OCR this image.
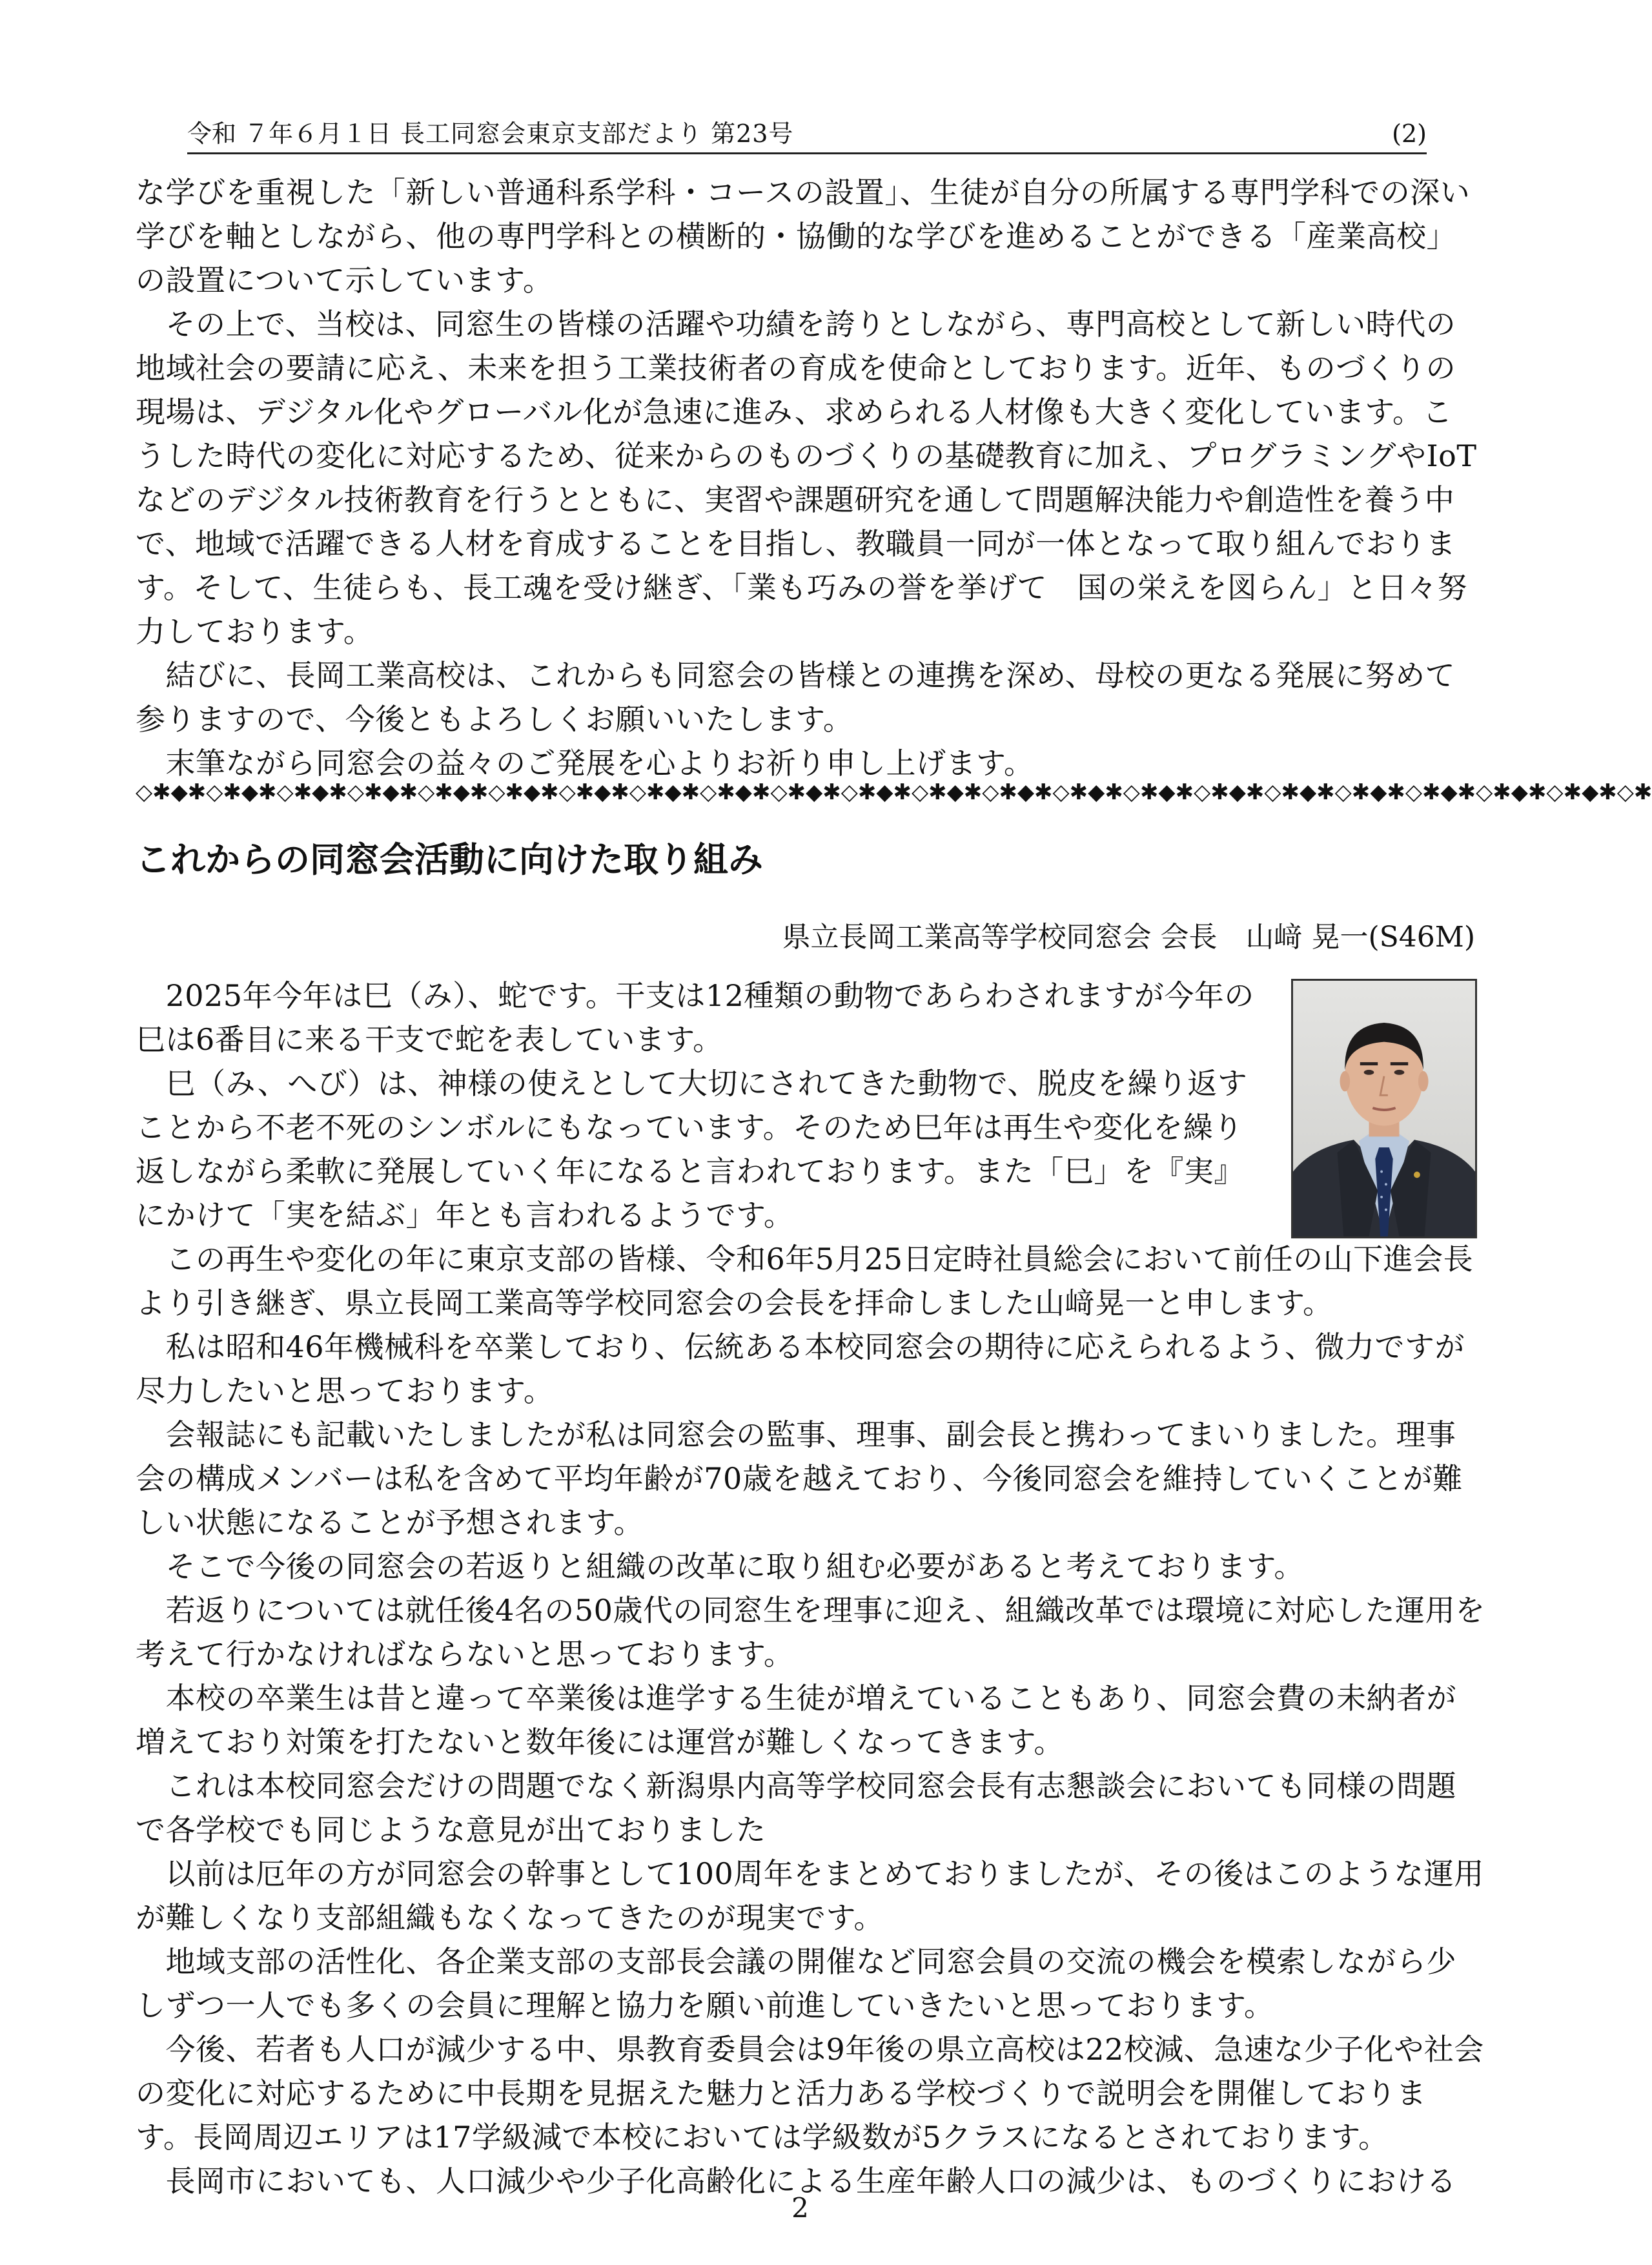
令和 ７年６月１日 長工同窓会東京支部だより 第23号	(2)
な学びを重視した「新しい普通科系学科・コースの設置」、生徒が自分の所属する専門学科での深い
学びを軸としながら、他の専門学科との横断的・協働的な学びを進めることができる「産業高校」
の設置について示しています。
　その上で、当校は、同窓生の皆様の活躍や功績を誇りとしながら、専門高校として新しい時代の
地域社会の要請に応え、未来を担う工業技術者の育成を使命としております。近年、ものづくりの
現場は、デジタル化やグローバル化が急速に進み、求められる人材像も大きく変化しています。こ
うした時代の変化に対応するため、従来からのものづくりの基礎教育に加え、プログラミングやIoT
などのデジタル技術教育を行うとともに、実習や課題研究を通して問題解決能力や創造性を養う中
で、地域で活躍できる人材を育成することを目指し、教職員一同が一体となって取り組んでおりま
す。そして、生徒らも、長工魂を受け継ぎ、「業も巧みの誉を挙げて　国の栄えを図らん」と日々努
力しております。
　結びに、長岡工業高校は、これからも同窓会の皆様との連携を深め、母校の更なる発展に努めて
参りますので、今後ともよろしくお願いいたします。
　末筆ながら同窓会の益々のご発展を心よりお祈り申し上げます。
◇✱◆✱◇✱◆✱◇✱◆✱◇✱◆✱◇✱◆✱◇✱◆✱◇✱◆✱◇✱◆✱◇✱◆✱◇✱◆✱◇✱◆✱◇✱◆✱◇✱◆✱◇✱◆✱◇✱◆✱◇✱◆✱◇✱◆✱◇✱◆✱◇✱◆✱◇✱◆✱◇✱◆✱◇✱
これからの同窓会活動に向けた取り組み
県立長岡工業高等学校同窓会 会長　山﨑 晃一(S46M)
　2025年今年は巳（み）、蛇です。干支は12種類の動物であらわされますが今年の
巳は6番目に来る干支で蛇を表しています。
　巳（み、へび）は、神様の使えとして大切にされてきた動物で、脱皮を繰り返す
ことから不老不死のシンボルにもなっています。そのため巳年は再生や変化を繰り
返しながら柔軟に発展していく年になると言われております。また「巳」を『実』
にかけて「実を結ぶ」年とも言われるようです。
　この再生や変化の年に東京支部の皆様、令和6年5月25日定時社員総会において前任の山下進会長
より引き継ぎ、県立長岡工業高等学校同窓会の会長を拝命しました山﨑晃一と申します。
　私は昭和46年機械科を卒業しており、伝統ある本校同窓会の期待に応えられるよう、微力ですが
尽力したいと思っております。
　会報誌にも記載いたしましたが私は同窓会の監事、理事、副会長と携わってまいりました。理事
会の構成メンバーは私を含めて平均年齢が70歳を越えており、今後同窓会を維持していくことが難
しい状態になることが予想されます。
　そこで今後の同窓会の若返りと組織の改革に取り組む必要があると考えております。
　若返りについては就任後4名の50歳代の同窓生を理事に迎え、組織改革では環境に対応した運用を
考えて行かなければならないと思っております。
　本校の卒業生は昔と違って卒業後は進学する生徒が増えていることもあり、同窓会費の未納者が
増えており対策を打たないと数年後には運営が難しくなってきます。
　これは本校同窓会だけの問題でなく新潟県内高等学校同窓会長有志懇談会においても同様の問題
で各学校でも同じような意見が出ておりました
　以前は厄年の方が同窓会の幹事として100周年をまとめておりましたが、その後はこのような運用
が難しくなり支部組織もなくなってきたのが現実です。
　地域支部の活性化、各企業支部の支部長会議の開催など同窓会員の交流の機会を模索しながら少
しずつ一人でも多くの会員に理解と協力を願い前進していきたいと思っております。
　今後、若者も人口が減少する中、県教育委員会は9年後の県立高校は22校減、急速な少子化や社会
の変化に対応するために中長期を見据えた魅力と活力ある学校づくりで説明会を開催しておりま
す。長岡周辺エリアは17学級減で本校においては学級数が5クラスになるとされております。
　長岡市においても、人口減少や少子化高齢化による生産年齢人口の減少は、ものづくりにおける
2
